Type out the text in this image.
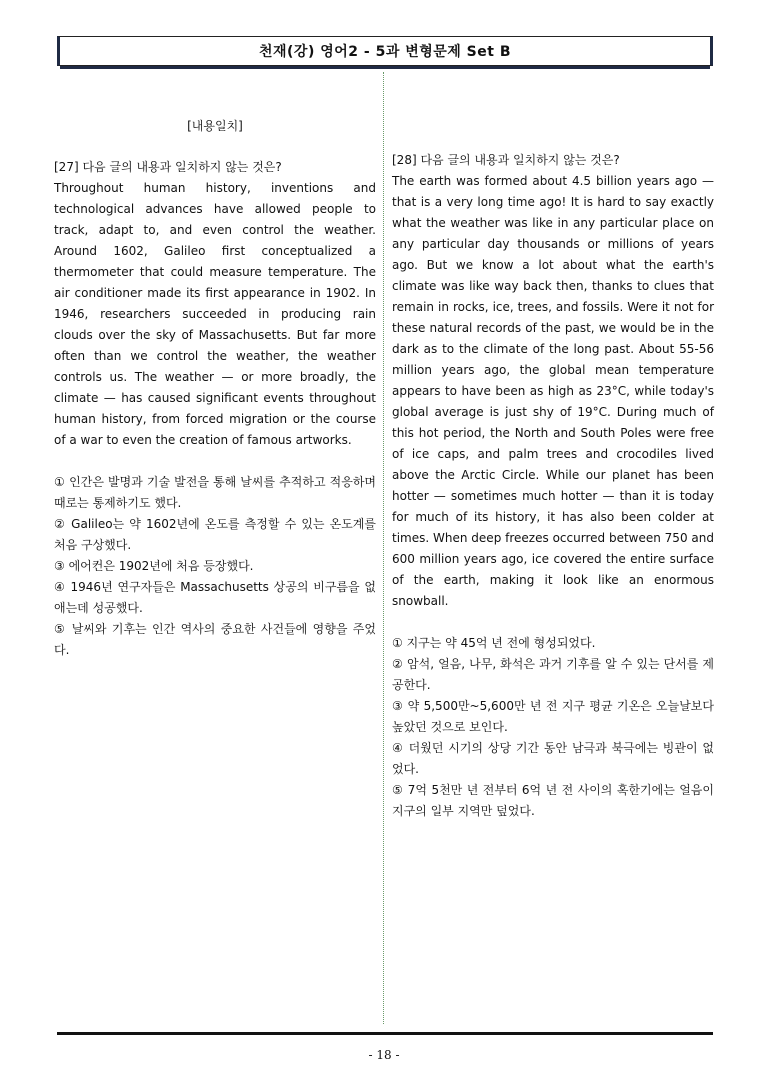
천재(강) 영어2 - 5과 변형문제 Set B

[내용일치]

[27] 다음 글의 내용과 일치하지 않는 것은?

Throughout human history, inventions and technological advances have allowed people to track, adapt to, and even control the weather. Around 1602, Galileo first conceptualized a thermometer that could measure temperature. The air conditioner made its first appearance in 1902. In 1946, researchers succeeded in producing rain clouds over the sky of Massachusetts. But far more often than we control the weather, the weather controls us. The weather — or more broadly, the climate — has caused significant events throughout human history, from forced migration or the course of a war to even the creation of famous artworks.

① 인간은 발명과 기술 발전을 통해 날씨를 추적하고 적응하며 때로는 통제하기도 했다.

② Galileo는 약 1602년에 온도를 측정할 수 있는 온도계를 처음 구상했다.

③ 에어컨은 1902년에 처음 등장했다.

④ 1946년 연구자들은 Massachusetts 상공의 비구름을 없애는데 성공했다.

⑤ 날씨와 기후는 인간 역사의 중요한 사건들에 영향을 주었다.

[28] 다음 글의 내용과 일치하지 않는 것은?

The earth was formed about 4.5 billion years ago — that is a very long time ago! It is hard to say exactly what the weather was like in any particular place on any particular day thousands or millions of years ago. But we know a lot about what the earth's climate was like way back then, thanks to clues that remain in rocks, ice, trees, and fossils. Were it not for these natural records of the past, we would be in the dark as to the climate of the long past. About 55-56 million years ago, the global mean temperature appears to have been as high as 23°C, while today's global average is just shy of 19°C. During much of this hot period, the North and South Poles were free of ice caps, and palm trees and crocodiles lived above the Arctic Circle. While our planet has been hotter — sometimes much hotter — than it is today for much of its history, it has also been colder at times. When deep freezes occurred between 750 and 600 million years ago, ice covered the entire surface of the earth, making it look like an enormous snowball.

① 지구는 약 45억 년 전에 형성되었다.

② 암석, 얼음, 나무, 화석은 과거 기후를 알 수 있는 단서를 제공한다.

③ 약 5,500만~5,600만 년 전 지구 평균 기온은 오늘날보다 높았던 것으로 보인다.

④ 더웠던 시기의 상당 기간 동안 남극과 북극에는 빙관이 없었다.

⑤ 7억 5천만 년 전부터 6억 년 전 사이의 혹한기에는 얼음이 지구의 일부 지역만 덮었다.

- 18 -
